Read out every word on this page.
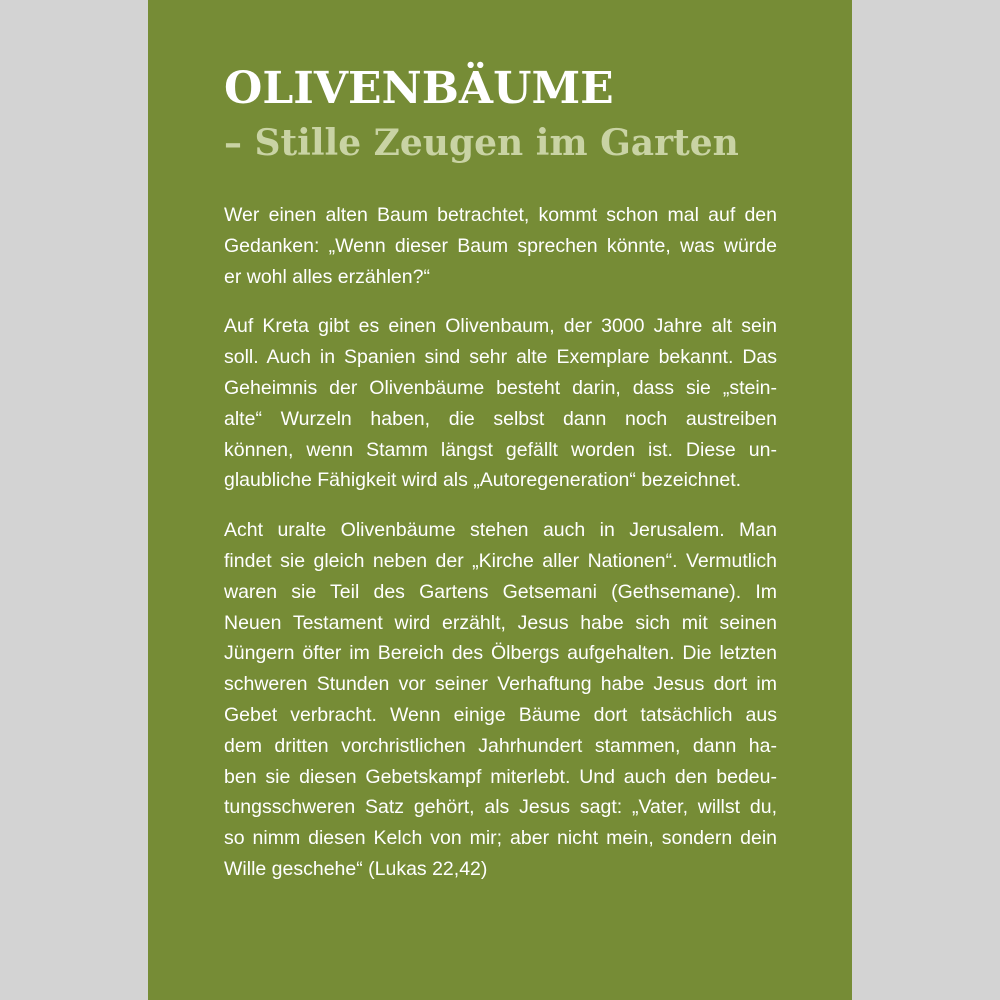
OLIVENBÄUME
– Stille Zeugen im Garten

Wer einen alten Baum betrachtet, kommt schon mal auf den
Gedanken: „Wenn dieser Baum sprechen könnte, was würde
er wohl alles erzählen?“

Auf Kreta gibt es einen Olivenbaum, der 3000 Jahre alt sein
soll. Auch in Spanien sind sehr alte Exemplare bekannt. Das
Geheimnis der Olivenbäume besteht darin, dass sie „stein-
alte“ Wurzeln haben, die selbst dann noch austreiben
können, wenn Stamm längst gefällt worden ist. Diese un-
glaubliche Fähigkeit wird als „Autoregeneration“ bezeichnet.

Acht uralte Olivenbäume stehen auch in Jerusalem. Man
findet sie gleich neben der „Kirche aller Nationen“. Vermutlich
waren sie Teil des Gartens Getsemani (Gethsemane). Im
Neuen Testament wird erzählt, Jesus habe sich mit seinen
Jüngern öfter im Bereich des Ölbergs aufgehalten. Die letzten
schweren Stunden vor seiner Verhaftung habe Jesus dort im
Gebet verbracht. Wenn einige Bäume dort tatsächlich aus
dem dritten vorchristlichen Jahrhundert stammen, dann ha-
ben sie diesen Gebetskampf miterlebt. Und auch den bedeu-
tungsschweren Satz gehört, als Jesus sagt: „Vater, willst du,
so nimm diesen Kelch von mir; aber nicht mein, sondern dein
Wille geschehe“ (Lukas 22,42)
